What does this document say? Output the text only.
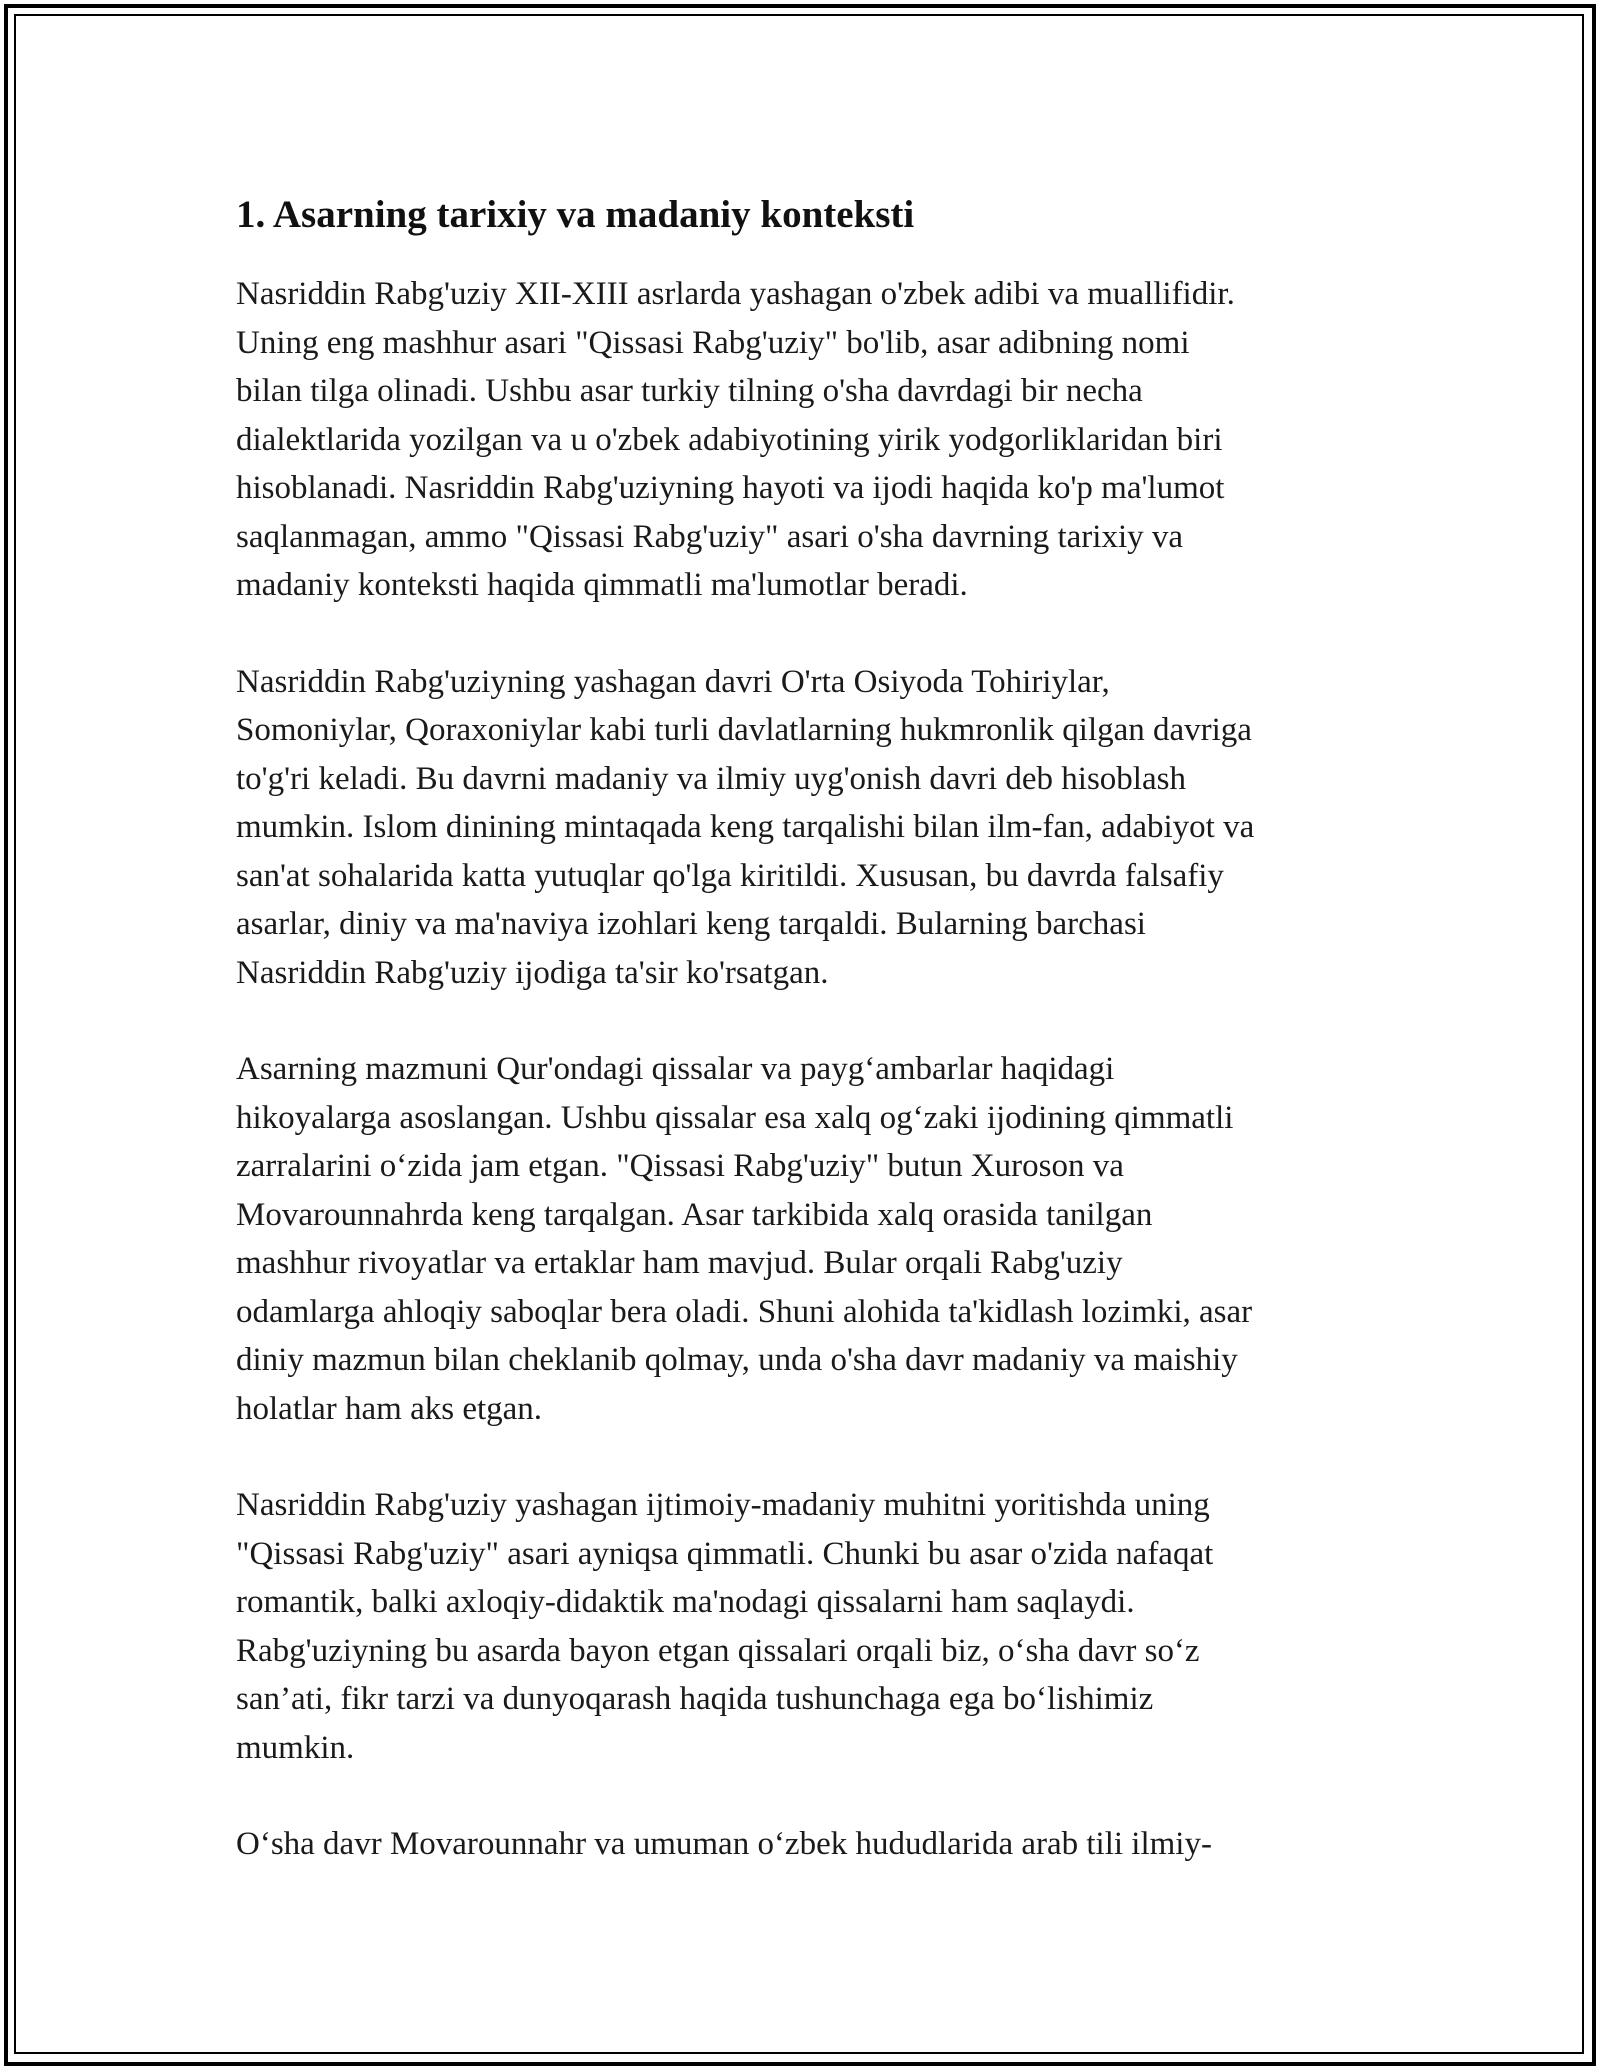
1. Asarning tarixiy va madaniy konteksti

Nasriddin Rabg'uziy XII-XIII asrlarda yashagan o'zbek adibi va muallifidir.
Uning eng mashhur asari "Qissasi Rabg'uziy" bo'lib, asar adibning nomi
bilan tilga olinadi. Ushbu asar turkiy tilning o'sha davrdagi bir necha
dialektlarida yozilgan va u o'zbek adabiyotining yirik yodgorliklaridan biri
hisoblanadi. Nasriddin Rabg'uziyning hayoti va ijodi haqida ko'p ma'lumot
saqlanmagan, ammo "Qissasi Rabg'uziy" asari o'sha davrning tarixiy va
madaniy konteksti haqida qimmatli ma'lumotlar beradi.

Nasriddin Rabg'uziyning yashagan davri O'rta Osiyoda Tohiriylar,
Somoniylar, Qoraxoniylar kabi turli davlatlarning hukmronlik qilgan davriga
to'g'ri keladi. Bu davrni madaniy va ilmiy uyg'onish davri deb hisoblash
mumkin. Islom dinining mintaqada keng tarqalishi bilan ilm-fan, adabiyot va
san'at sohalarida katta yutuqlar qo'lga kiritildi. Xususan, bu davrda falsafiy
asarlar, diniy va ma'naviya izohlari keng tarqaldi. Bularning barchasi
Nasriddin Rabg'uziy ijodiga ta'sir ko'rsatgan.

Asarning mazmuni Qur'ondagi qissalar va payg‘ambarlar haqidagi
hikoyalarga asoslangan. Ushbu qissalar esa xalq og‘zaki ijodining qimmatli
zarralarini o‘zida jam etgan. "Qissasi Rabg'uziy" butun Xuroson va
Movarounnahrda keng tarqalgan. Asar tarkibida xalq orasida tanilgan
mashhur rivoyatlar va ertaklar ham mavjud. Bular orqali Rabg'uziy
odamlarga ahloqiy saboqlar bera oladi. Shuni alohida ta'kidlash lozimki, asar
diniy mazmun bilan cheklanib qolmay, unda o'sha davr madaniy va maishiy
holatlar ham aks etgan.

Nasriddin Rabg'uziy yashagan ijtimoiy-madaniy muhitni yoritishda uning
"Qissasi Rabg'uziy" asari ayniqsa qimmatli. Chunki bu asar o'zida nafaqat
romantik, balki axloqiy-didaktik ma'nodagi qissalarni ham saqlaydi.
Rabg'uziyning bu asarda bayon etgan qissalari orqali biz, o‘sha davr so‘z
san’ati, fikr tarzi va dunyoqarash haqida tushunchaga ega bo‘lishimiz
mumkin.

O‘sha davr Movarounnahr va umuman o‘zbek hududlarida arab tili ilmiy-
